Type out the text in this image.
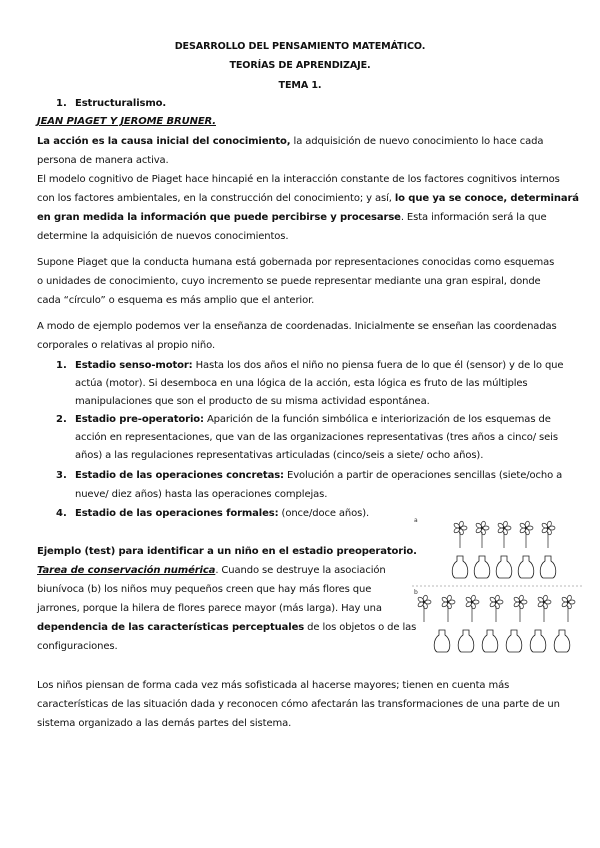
DESARROLLO DEL PENSAMIENTO MATEMÁTICO.
TEORÍAS DE APRENDIZAJE.
TEMA 1.
1. Estructuralismo.
JEAN PIAGET Y JEROME BRUNER.
La acción es la causa inicial del conocimiento, la adquisición de nuevo conocimiento lo hace cada
persona de manera activa.
El modelo cognitivo de Piaget hace hincapié en la interacción constante de los factores cognitivos internos
con los factores ambientales, en la construcción del conocimiento; y así, lo que ya se conoce, determinará
en gran medida la información que puede percibirse y procesarse. Esta información será la que
determine la adquisición de nuevos conocimientos.
Supone Piaget que la conducta humana está gobernada por representaciones conocidas como esquemas
o unidades de conocimiento, cuyo incremento se puede representar mediante una gran espiral, donde
cada “círculo” o esquema es más amplio que el anterior.
A modo de ejemplo podemos ver la enseñanza de coordenadas. Inicialmente se enseñan las coordenadas
corporales o relativas al propio niño.
1. Estadio senso-motor: Hasta los dos años el niño no piensa fuera de lo que él (sensor) y de lo que
actúa (motor). Si desemboca en una lógica de la acción, esta lógica es fruto de las múltiples
manipulaciones que son el producto de su misma actividad espontánea.
2. Estadio pre-operatorio: Aparición de la función simbólica e interiorización de los esquemas de
acción en representaciones, que van de las organizaciones representativas (tres años a cinco/ seis
años) a las regulaciones representativas articuladas (cinco/seis a siete/ ocho años).
3. Estadio de las operaciones concretas: Evolución a partir de operaciones sencillas (siete/ocho a
nueve/ diez años) hasta las operaciones complejas.
4. Estadio de las operaciones formales: (once/doce años).
Ejemplo (test) para identificar a un niño en el estadio preoperatorio.
Tarea de conservación numérica. Cuando se destruye la asociación
biunívoca (b) los niños muy pequeños creen que hay más flores que
jarrones, porque la hilera de flores parece mayor (más larga). Hay una
dependencia de las características perceptuales de los objetos o de las
configuraciones.
a
b
Los niños piensan de forma cada vez más sofisticada al hacerse mayores; tienen en cuenta más
características de las situación dada y reconocen cómo afectarán las transformaciones de una parte de un
sistema organizado a las demás partes del sistema.
